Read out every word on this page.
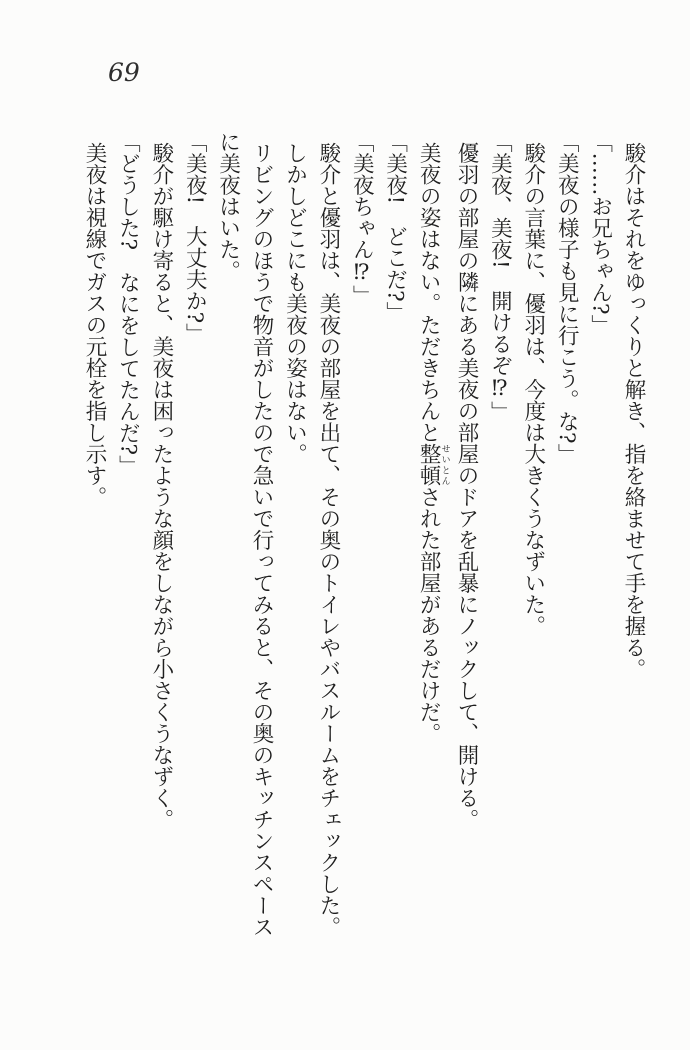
69

駿介はそれをゆっくりと解き、指を絡ませて手を握る。

「……お兄ちゃん?」

「美夜の様子も見に行こう。な?」

駿介の言葉に、優羽は、今度は大きくうなずいた。

「美夜、美夜!　開けるぞ⁉」

優羽の部屋の隣にある美夜の部屋のドアを乱暴にノックして、開ける。

美夜の姿はない。ただきちんと整頓せいとんされた部屋があるだけだ。

「美夜!　どこだ?」

「美夜ちゃん⁉」

駿介と優羽は、美夜の部屋を出て、その奥のトイレやバスルームをチェックした。

しかしどこにも美夜の姿はない。

リビングのほうで物音がしたので急いで行ってみると、その奥のキッチンスペースに美夜はいた。

「美夜!　大丈夫か?」

駿介が駆け寄ると、美夜は困ったような顔をしながら小さくうなずく。

「どうした?　なにをしてたんだ?」

美夜は視線でガスの元栓を指し示す。
